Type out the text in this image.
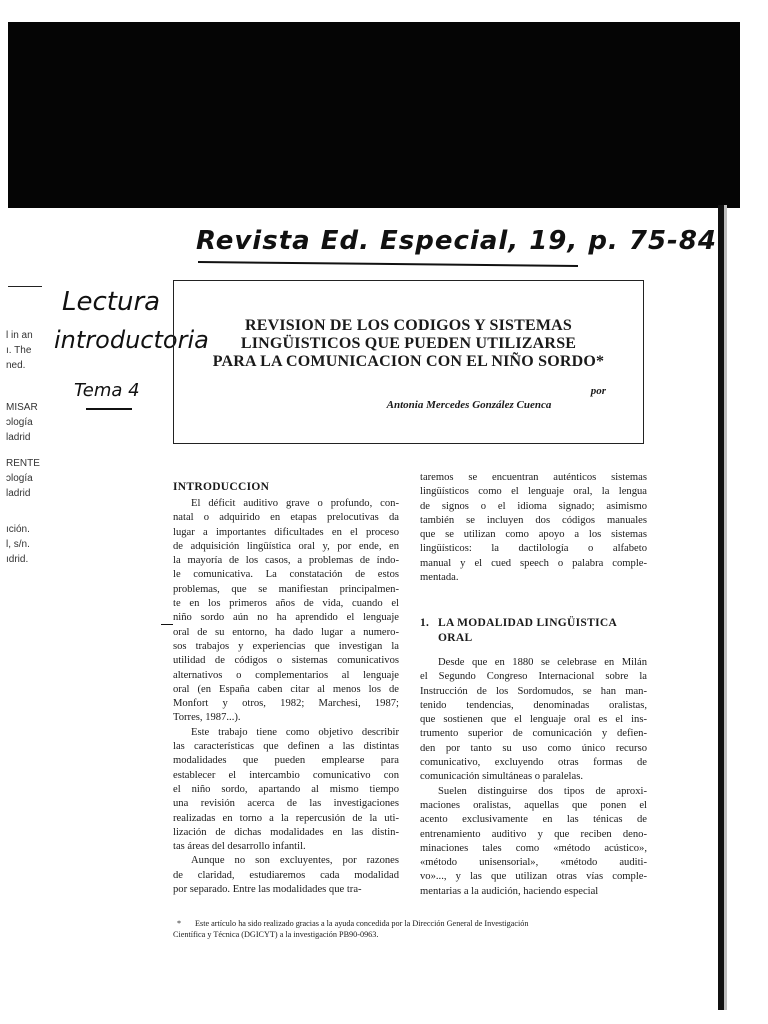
Revista Ed. Especial, 19, p. 75-84
Lectura
introductoria
Tema 4
l in an
ı. The
ned.
MISAR
ɔlogía
ladrid
RENTE
ɔlogía
ladrid
ıción.
l, s/n.
ıdrid.
REVISION DE LOS CODIGOS Y SISTEMAS
LINGÜISTICOS QUE PUEDEN UTILIZARSE
PARA LA COMUNICACION CON EL NIÑO SORDO*
por
Antonia Mercedes González Cuenca
INTRODUCCION
El déficit auditivo grave o profundo, con-
natal o adquirido en etapas prelocutivas da
lugar a importantes dificultades en el proceso
de adquisición lingüística oral y, por ende, en
la mayoría de los casos, a problemas de índo-
le comunicativa. La constatación de estos
problemas, que se manifiestan principalmen-
te en los primeros años de vida, cuando el
niño sordo aún no ha aprendido el lenguaje
oral de su entorno, ha dado lugar a numero-
sos trabajos y experiencias que investigan la
utilidad de códigos o sistemas comunicativos
alternativos o complementarios al lenguaje
oral (en España caben citar al menos los de
Monfort y otros, 1982; Marchesi, 1987;
Torres, 1987...).
Este trabajo tiene como objetivo describir
las características que definen a las distintas
modalidades que pueden emplearse para
establecer el intercambio comunicativo con
el niño sordo, apartando al mismo tiempo
una revisión acerca de las investigaciones
realizadas en torno a la repercusión de la uti-
lización de dichas modalidades en las distin-
tas áreas del desarrollo infantil.
Aunque no son excluyentes, por razones
de claridad, estudiaremos cada modalidad
por separado. Entre las modalidades que tra-
taremos se encuentran auténticos sistemas
lingüísticos como el lenguaje oral, la lengua
de signos o el idioma signado; asimismo
también se incluyen dos códigos manuales
que se utilizan como apoyo a los sistemas
lingüísticos: la dactilología o alfabeto
manual y el cued speech o palabra comple-
mentada.
1. LA MODALIDAD LINGÜISTICA
ORAL
Desde que en 1880 se celebrase en Milán
el Segundo Congreso Internacional sobre la
Instrucción de los Sordomudos, se han man-
tenido tendencias, denominadas oralistas,
que sostienen que el lenguaje oral es el ins-
trumento superior de comunicación y defien-
den por tanto su uso como único recurso
comunicativo, excluyendo otras formas de
comunicación simultáneas o paralelas.
Suelen distinguirse dos tipos de aproxi-
maciones oralistas, aquellas que ponen el
acento exclusivamente en las ténicas de
entrenamiento auditivo y que reciben deno-
minaciones tales como «método acústico»,
«método unisensorial», «método auditi-
vo»..., y las que utilizan otras vías comple-
mentarias a la audición, haciendo especial
* Este artículo ha sido realizado gracias a la ayuda concedida por la Dirección General de Investigación
Científica y Técnica (DGICYT) a la investigación PB90-0963.
